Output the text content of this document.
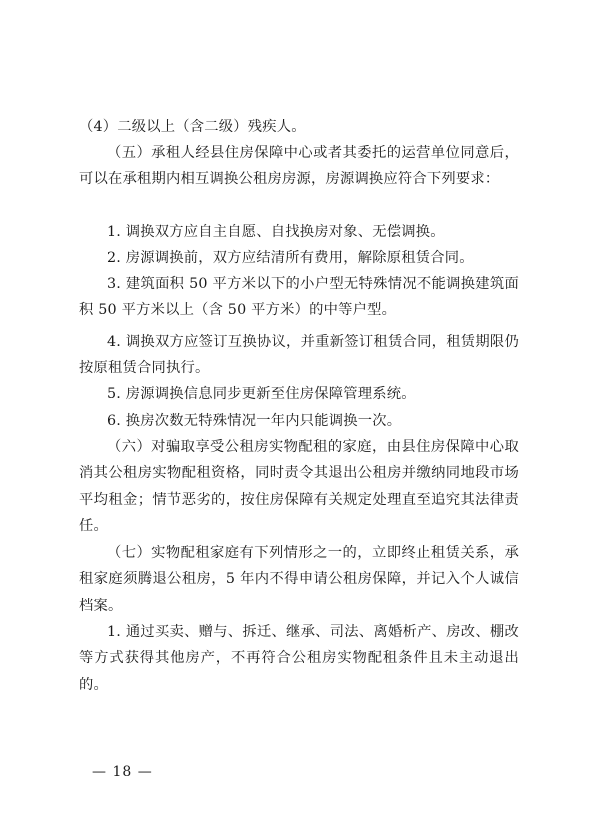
（4）二级以上（含二级）残疾人。

（五）承租人经县住房保障中心或者其委托的运营单位同意后，可以在承租期内相互调换公租房房源，房源调换应符合下列要求：

1. 调换双方应自主自愿、自找换房对象、无偿调换。

2. 房源调换前，双方应结清所有费用，解除原租赁合同。

3. 建筑面积 50 平方米以下的小户型无特殊情况不能调换建筑面积 50 平方米以上（含 50 平方米）的中等户型。

4. 调换双方应签订互换协议，并重新签订租赁合同，租赁期限仍按原租赁合同执行。

5. 房源调换信息同步更新至住房保障管理系统。

6. 换房次数无特殊情况一年内只能调换一次。

（六）对骗取享受公租房实物配租的家庭，由县住房保障中心取消其公租房实物配租资格，同时责令其退出公租房并缴纳同地段市场平均租金；情节恶劣的，按住房保障有关规定处理直至追究其法律责任。

（七）实物配租家庭有下列情形之一的，立即终止租赁关系，承租家庭须腾退公租房，5 年内不得申请公租房保障，并记入个人诚信档案。

1. 通过买卖、赠与、拆迁、继承、司法、离婚析产、房改、棚改等方式获得其他房产，不再符合公租房实物配租条件且未主动退出的。

— 18 —
